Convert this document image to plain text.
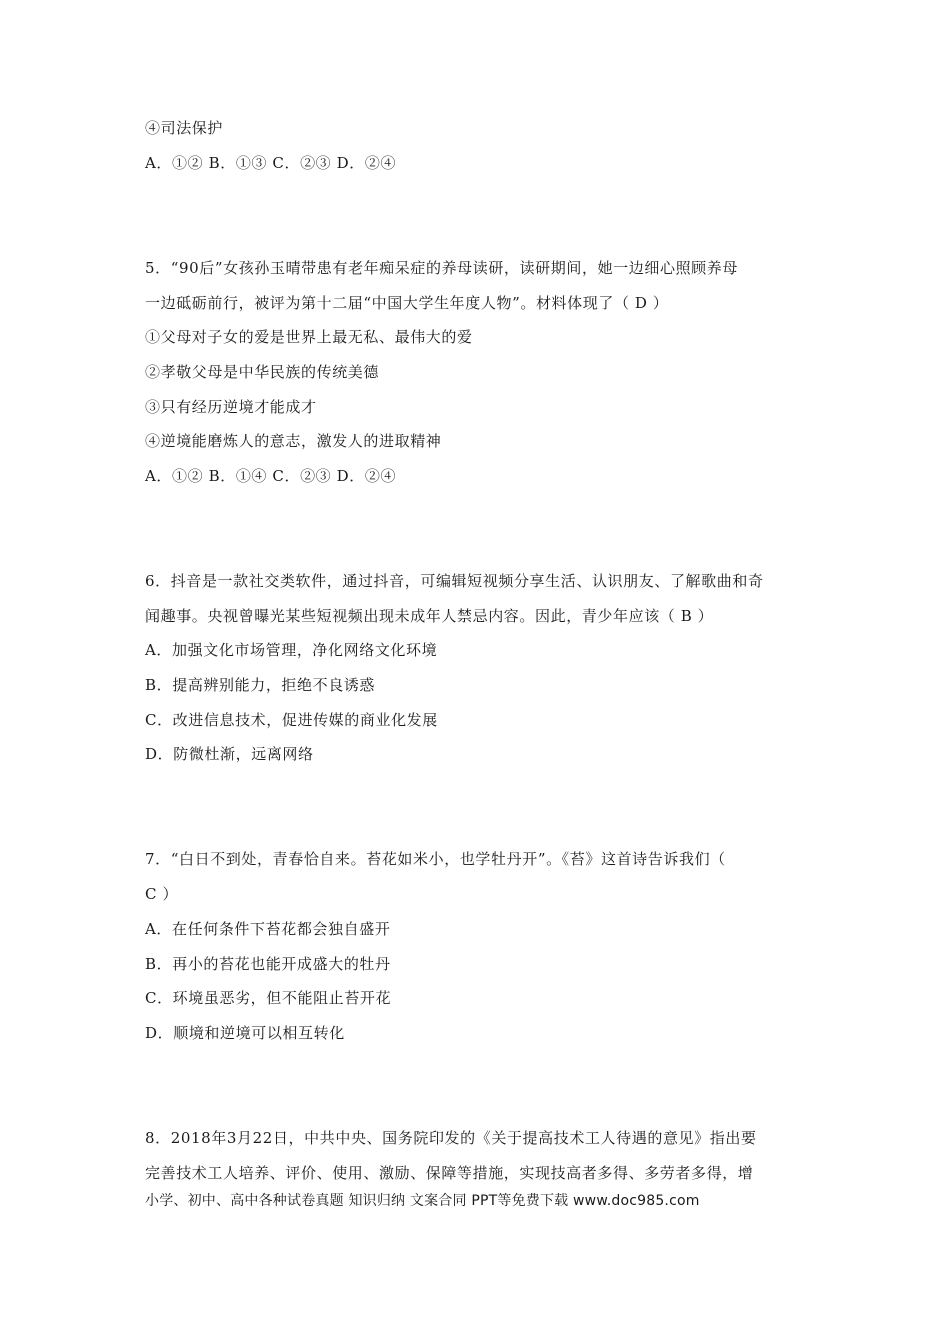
④司法保护
A．①② B．①③ C．②③ D．②④
5．“90后”女孩孙玉晴带患有老年痴呆症的养母读研，读研期间，她一边细心照顾养母
一边砥砺前行，被评为第十二届“中国大学生年度人物”。材料体现了（ D ）
①父母对子女的爱是世界上最无私、最伟大的爱
②孝敬父母是中华民族的传统美德
③只有经历逆境才能成才
④逆境能磨炼人的意志，激发人的进取精神
A．①② B．①④ C．②③ D．②④
6．抖音是一款社交类软件，通过抖音，可编辑短视频分享生活、认识朋友、了解歌曲和奇
闻趣事。央视曾曝光某些短视频出现未成年人禁忌内容。因此，青少年应该（ B ）
A．加强文化市场管理，净化网络文化环境
B．提高辨别能力，拒绝不良诱惑
C．改进信息技术，促进传媒的商业化发展
D．防微杜渐，远离网络
7．“白日不到处，青春恰自来。苔花如米小，也学牡丹开”。《苔》这首诗告诉我们（
C ）
A．在任何条件下苔花都会独自盛开
B．再小的苔花也能开成盛大的牡丹
C．环境虽恶劣，但不能阻止苔开花
D．顺境和逆境可以相互转化
8．2018年3月22日，中共中央、国务院印发的《关于提高技术工人待遇的意见》指出要
完善技术工人培养、评价、使用、激励、保障等措施，实现技高者多得、多劳者多得，增
小学、初中、高中各种试卷真题 知识归纳 文案合同 PPT等免费下载 www.doc985.com
